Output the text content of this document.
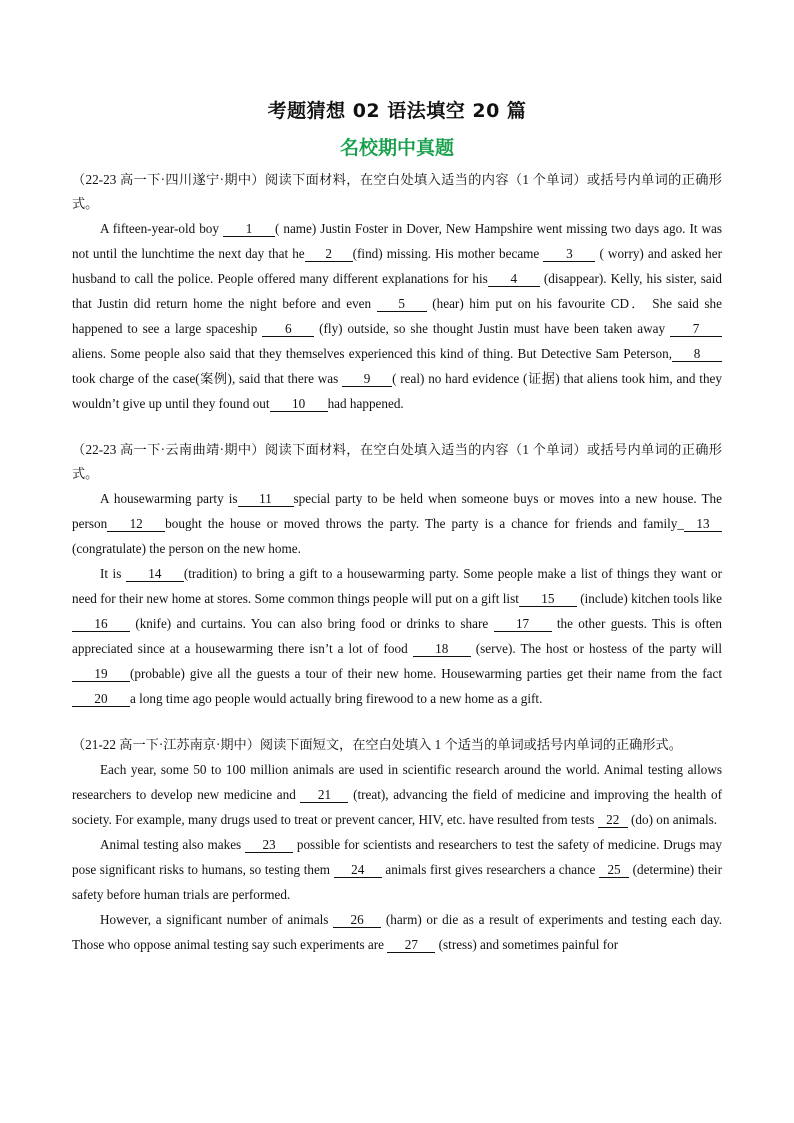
考题猜想 02 语法填空 20 篇
名校期中真题

（22-23 高一下·四川遂宁·期中）阅读下面材料，在空白处填入适当的内容（1 个单词）或括号内单词的正确形式。

A fifteen-year-old boy 1 ( name) Justin Foster in Dover, New Hampshire went missing two days ago. It was not until the lunchtime the next day that he 2 (find) missing. His mother became 3 ( worry) and asked her husband to call the police. People offered many different explanations for his 4 (disappear). Kelly, his sister, said that Justin did return home the night before and even 5 (hear) him put on his favourite CD． She said she happened to see a large spaceship 6 (fly) outside, so she thought Justin must have been taken away 7 aliens. Some people also said that they themselves experienced this kind of thing. But Detective Sam Peterson, 8took charge of the case(案例), said that there was 9 ( real) no hard evidence (证据) that aliens took him, and they wouldn’t give up until they found out 10 had happened.

（22-23 高一下·云南曲靖·期中）阅读下面材料，在空白处填入适当的内容（1 个单词）或括号内单词的正确形式。

A housewarming party is 11 special party to be held when someone buys or moves into a new house. The person 12 bought the house or moved throws the party. The party is a chance for friends and family_ 13(congratulate) the person on the new home.

It is 14 (tradition) to bring a gift to a housewarming party. Some people make a list of things they want or need for their new home at stores. Some common things people will put on a gift list 15 (include) kitchen tools like16 (knife) and curtains. You can also bring food or drinks to share 17 the other guests. This is often appreciated since at a housewarming there isn’t a lot of food 18 (serve). The host or hostess of the party will 19 (probable) give all the guests a tour of their new home. Housewarming parties get their name from the fact 20 a long time ago people would actually bring firewood to a new home as a gift.

（21-22 高一下·江苏南京·期中）阅读下面短文，在空白处填入 1 个适当的单词或括号内单词的正确形式。

Each year, some 50 to 100 million animals are used in scientific research around the world. Animal testing allows researchers to develop new medicine and 21 (treat), advancing the field of medicine and improving the health of society. For example, many drugs used to treat or prevent cancer, HIV, etc. have resulted from tests 22 (do) on animals.

Animal testing also makes 23 possible for scientists and researchers to test the safety of medicine. Drugs may pose significant risks to humans, so testing them 24 animals first gives researchers a chance 25 (determine) their safety before human trials are performed.

However, a significant number of animals 26 (harm) or die as a result of experiments and testing each day. Those who oppose animal testing say such experiments are 27 (stress) and sometimes painful for
